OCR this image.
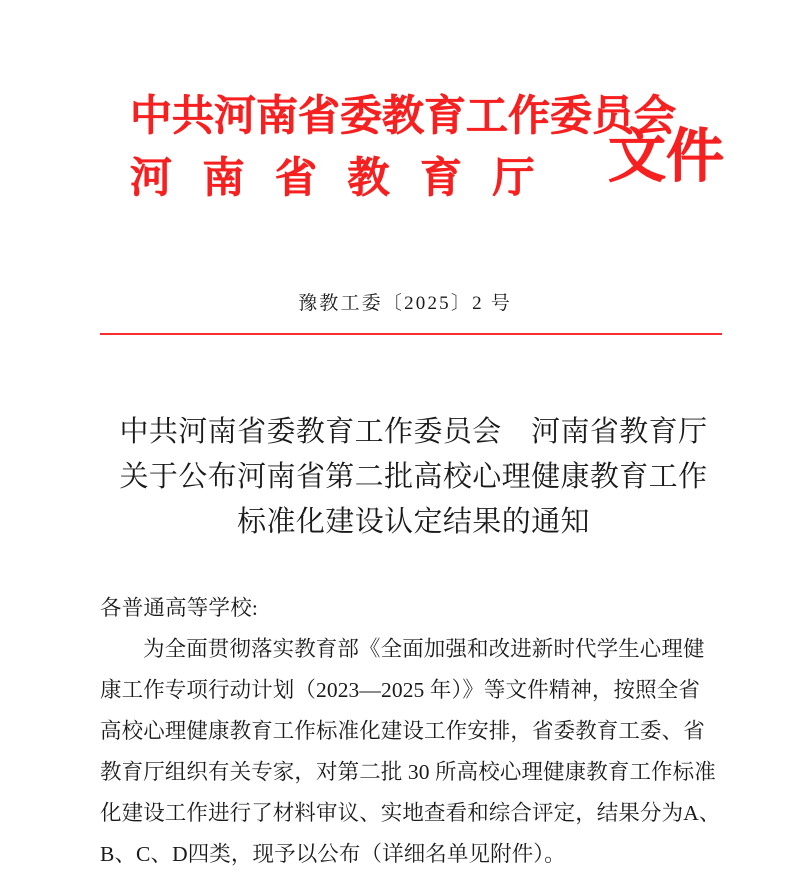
中共河南省委教育工作委员会
河南省教育厅 文件
豫教工委〔2025〕2 号
中共河南省委教育工作委员会　河南省教育厅
关于公布河南省第二批高校心理健康教育工作
标准化建设认定结果的通知
各普通高等学校:
为全面贯彻落实教育部《全面加强和改进新时代学生心理健
康工作专项行动计划（2023—2025 年）》等文件精神，按照全省
高校心理健康教育工作标准化建设工作安排，省委教育工委、省
教育厅组织有关专家，对第二批 30 所高校心理健康教育工作标准
化建设工作进行了材料审议、实地查看和综合评定，结果分为A、
B、C、D四类，现予以公布（详细名单见附件）。
